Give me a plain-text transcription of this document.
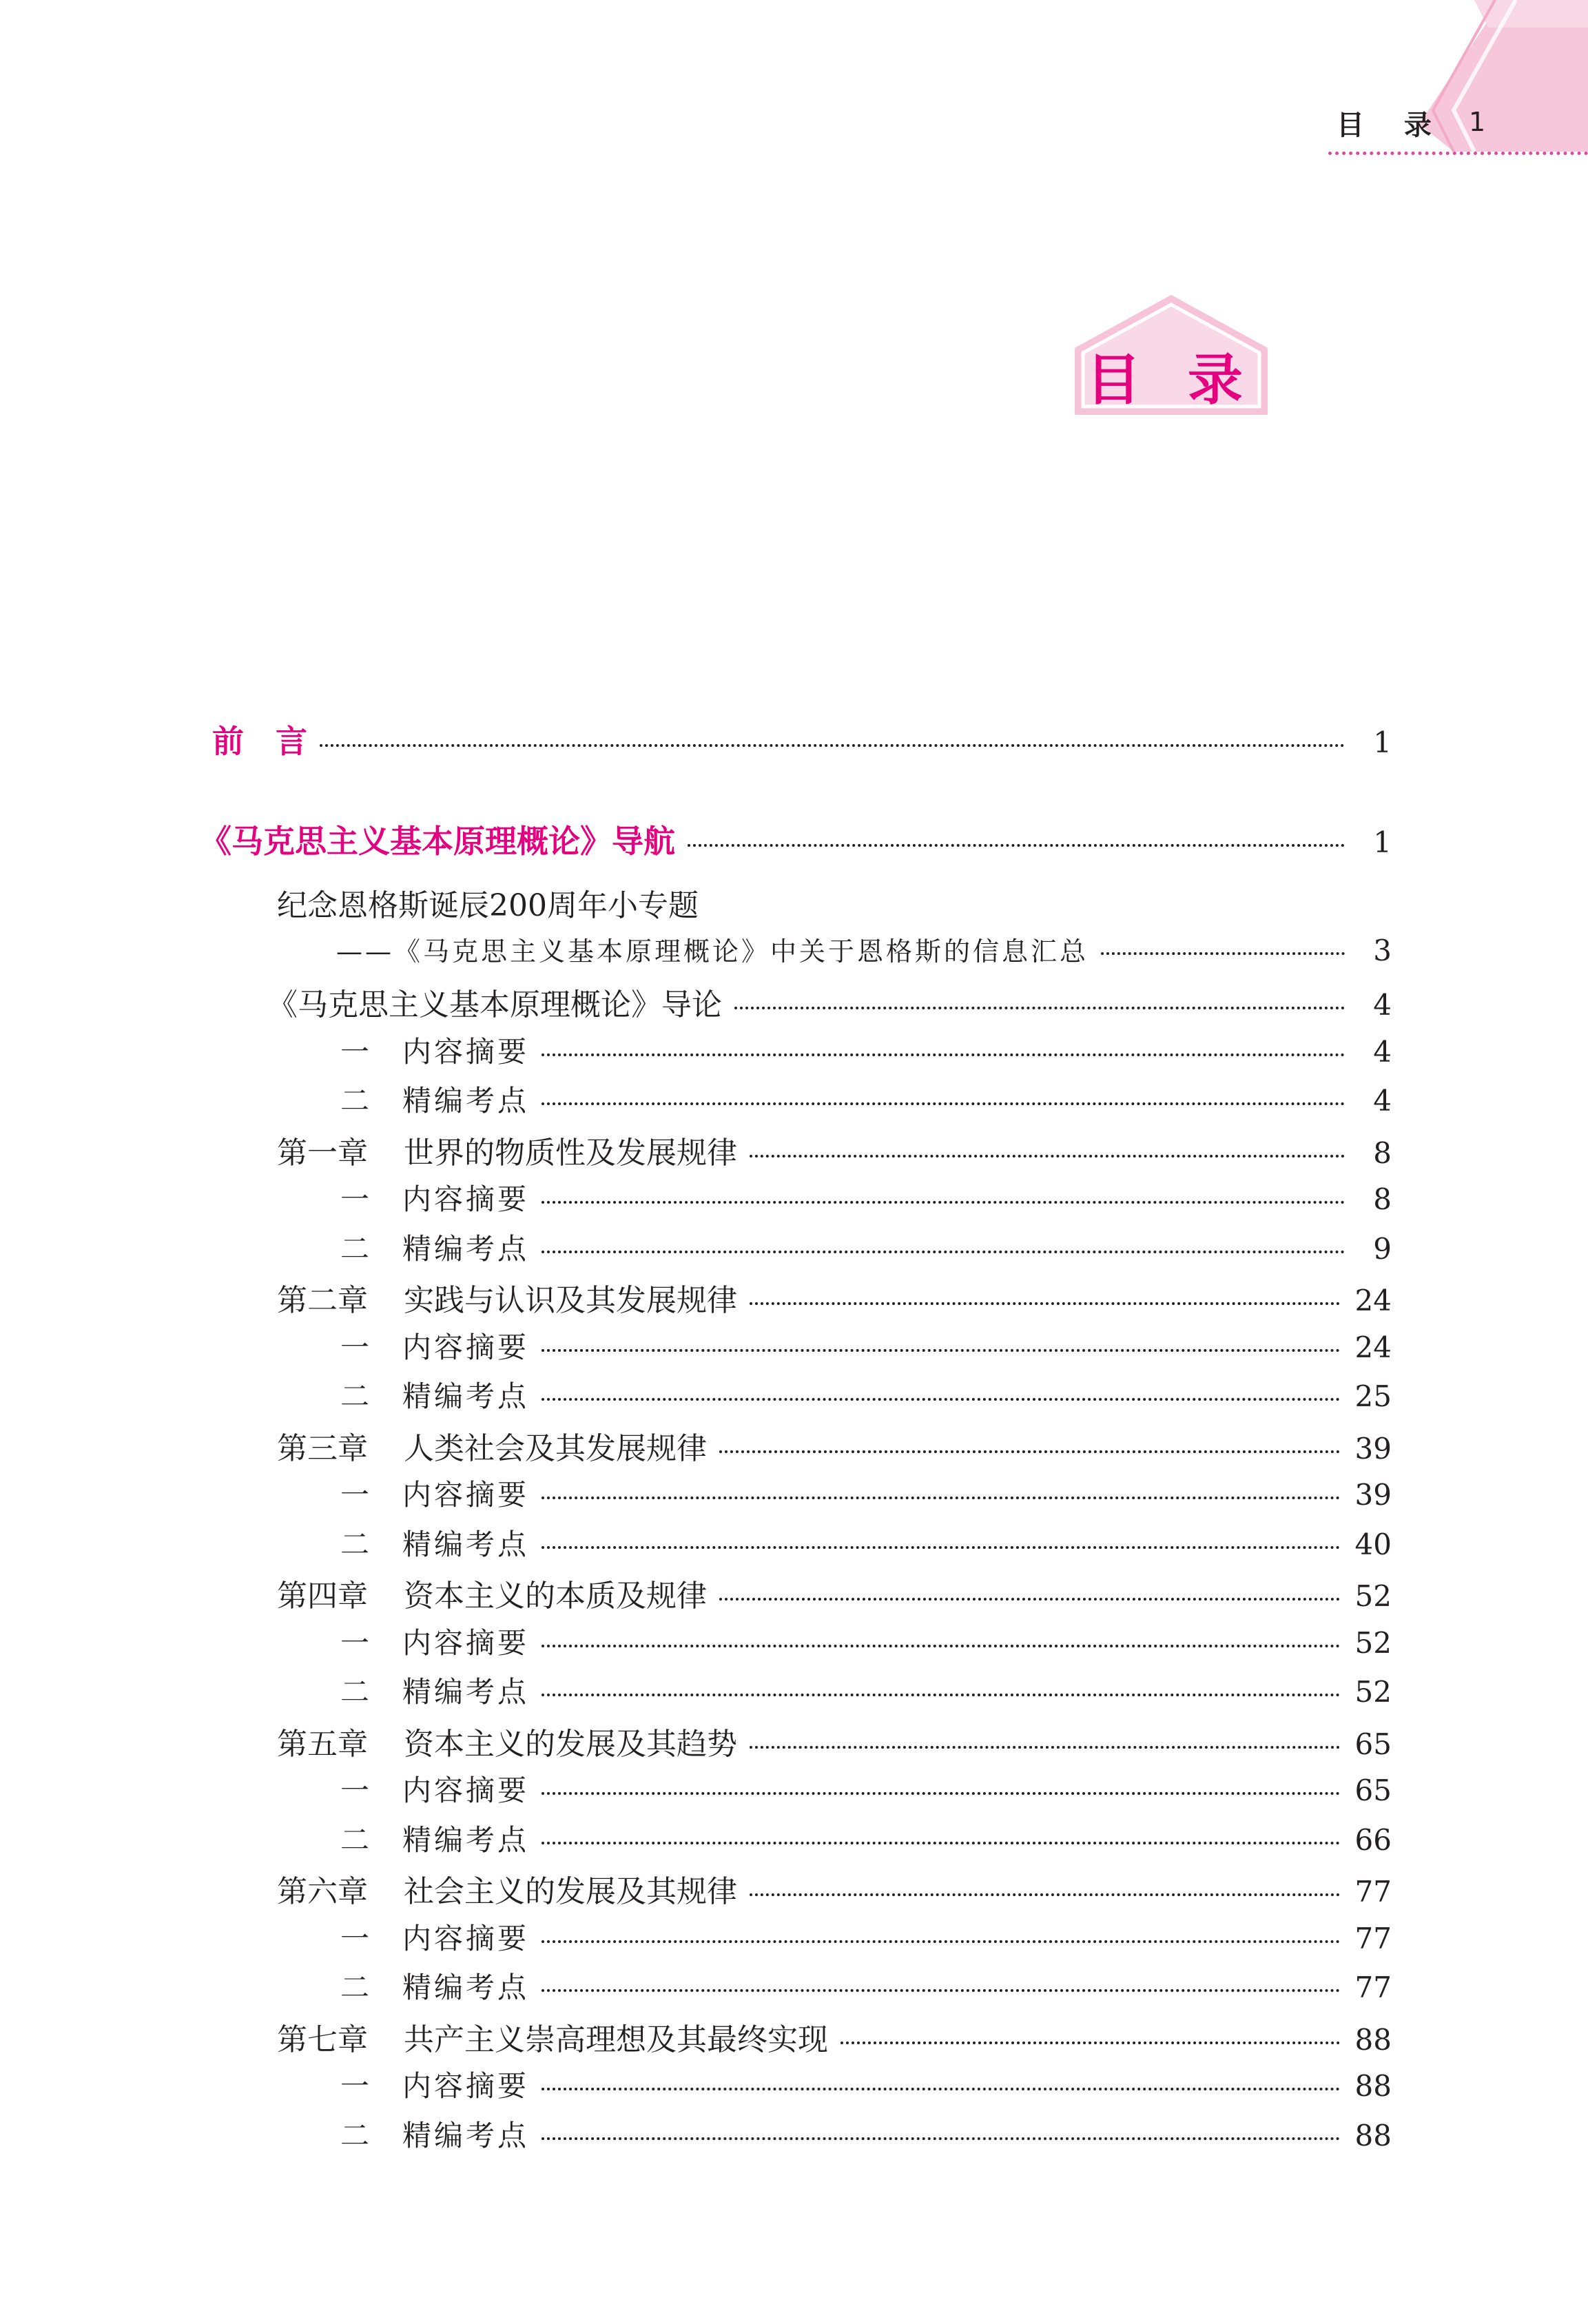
目 录 1
目 录
前　言	1
《马克思主义基本原理概论》导航	1
纪念恩格斯诞辰200周年小专题
——《马克思主义基本原理概论》中关于恩格斯的信息汇总	3
《马克思主义基本原理概论》导论	4
一 内容摘要	4
二 精编考点	4
第一章 世界的物质性及发展规律	8
一 内容摘要	8
二 精编考点	9
第二章 实践与认识及其发展规律	24
一 内容摘要	24
二 精编考点	25
第三章 人类社会及其发展规律	39
一 内容摘要	39
二 精编考点	40
第四章 资本主义的本质及规律	52
一 内容摘要	52
二 精编考点	52
第五章 资本主义的发展及其趋势	65
一 内容摘要	65
二 精编考点	66
第六章 社会主义的发展及其规律	77
一 内容摘要	77
二 精编考点	77
第七章 共产主义崇高理想及其最终实现	88
一 内容摘要	88
二 精编考点	88
